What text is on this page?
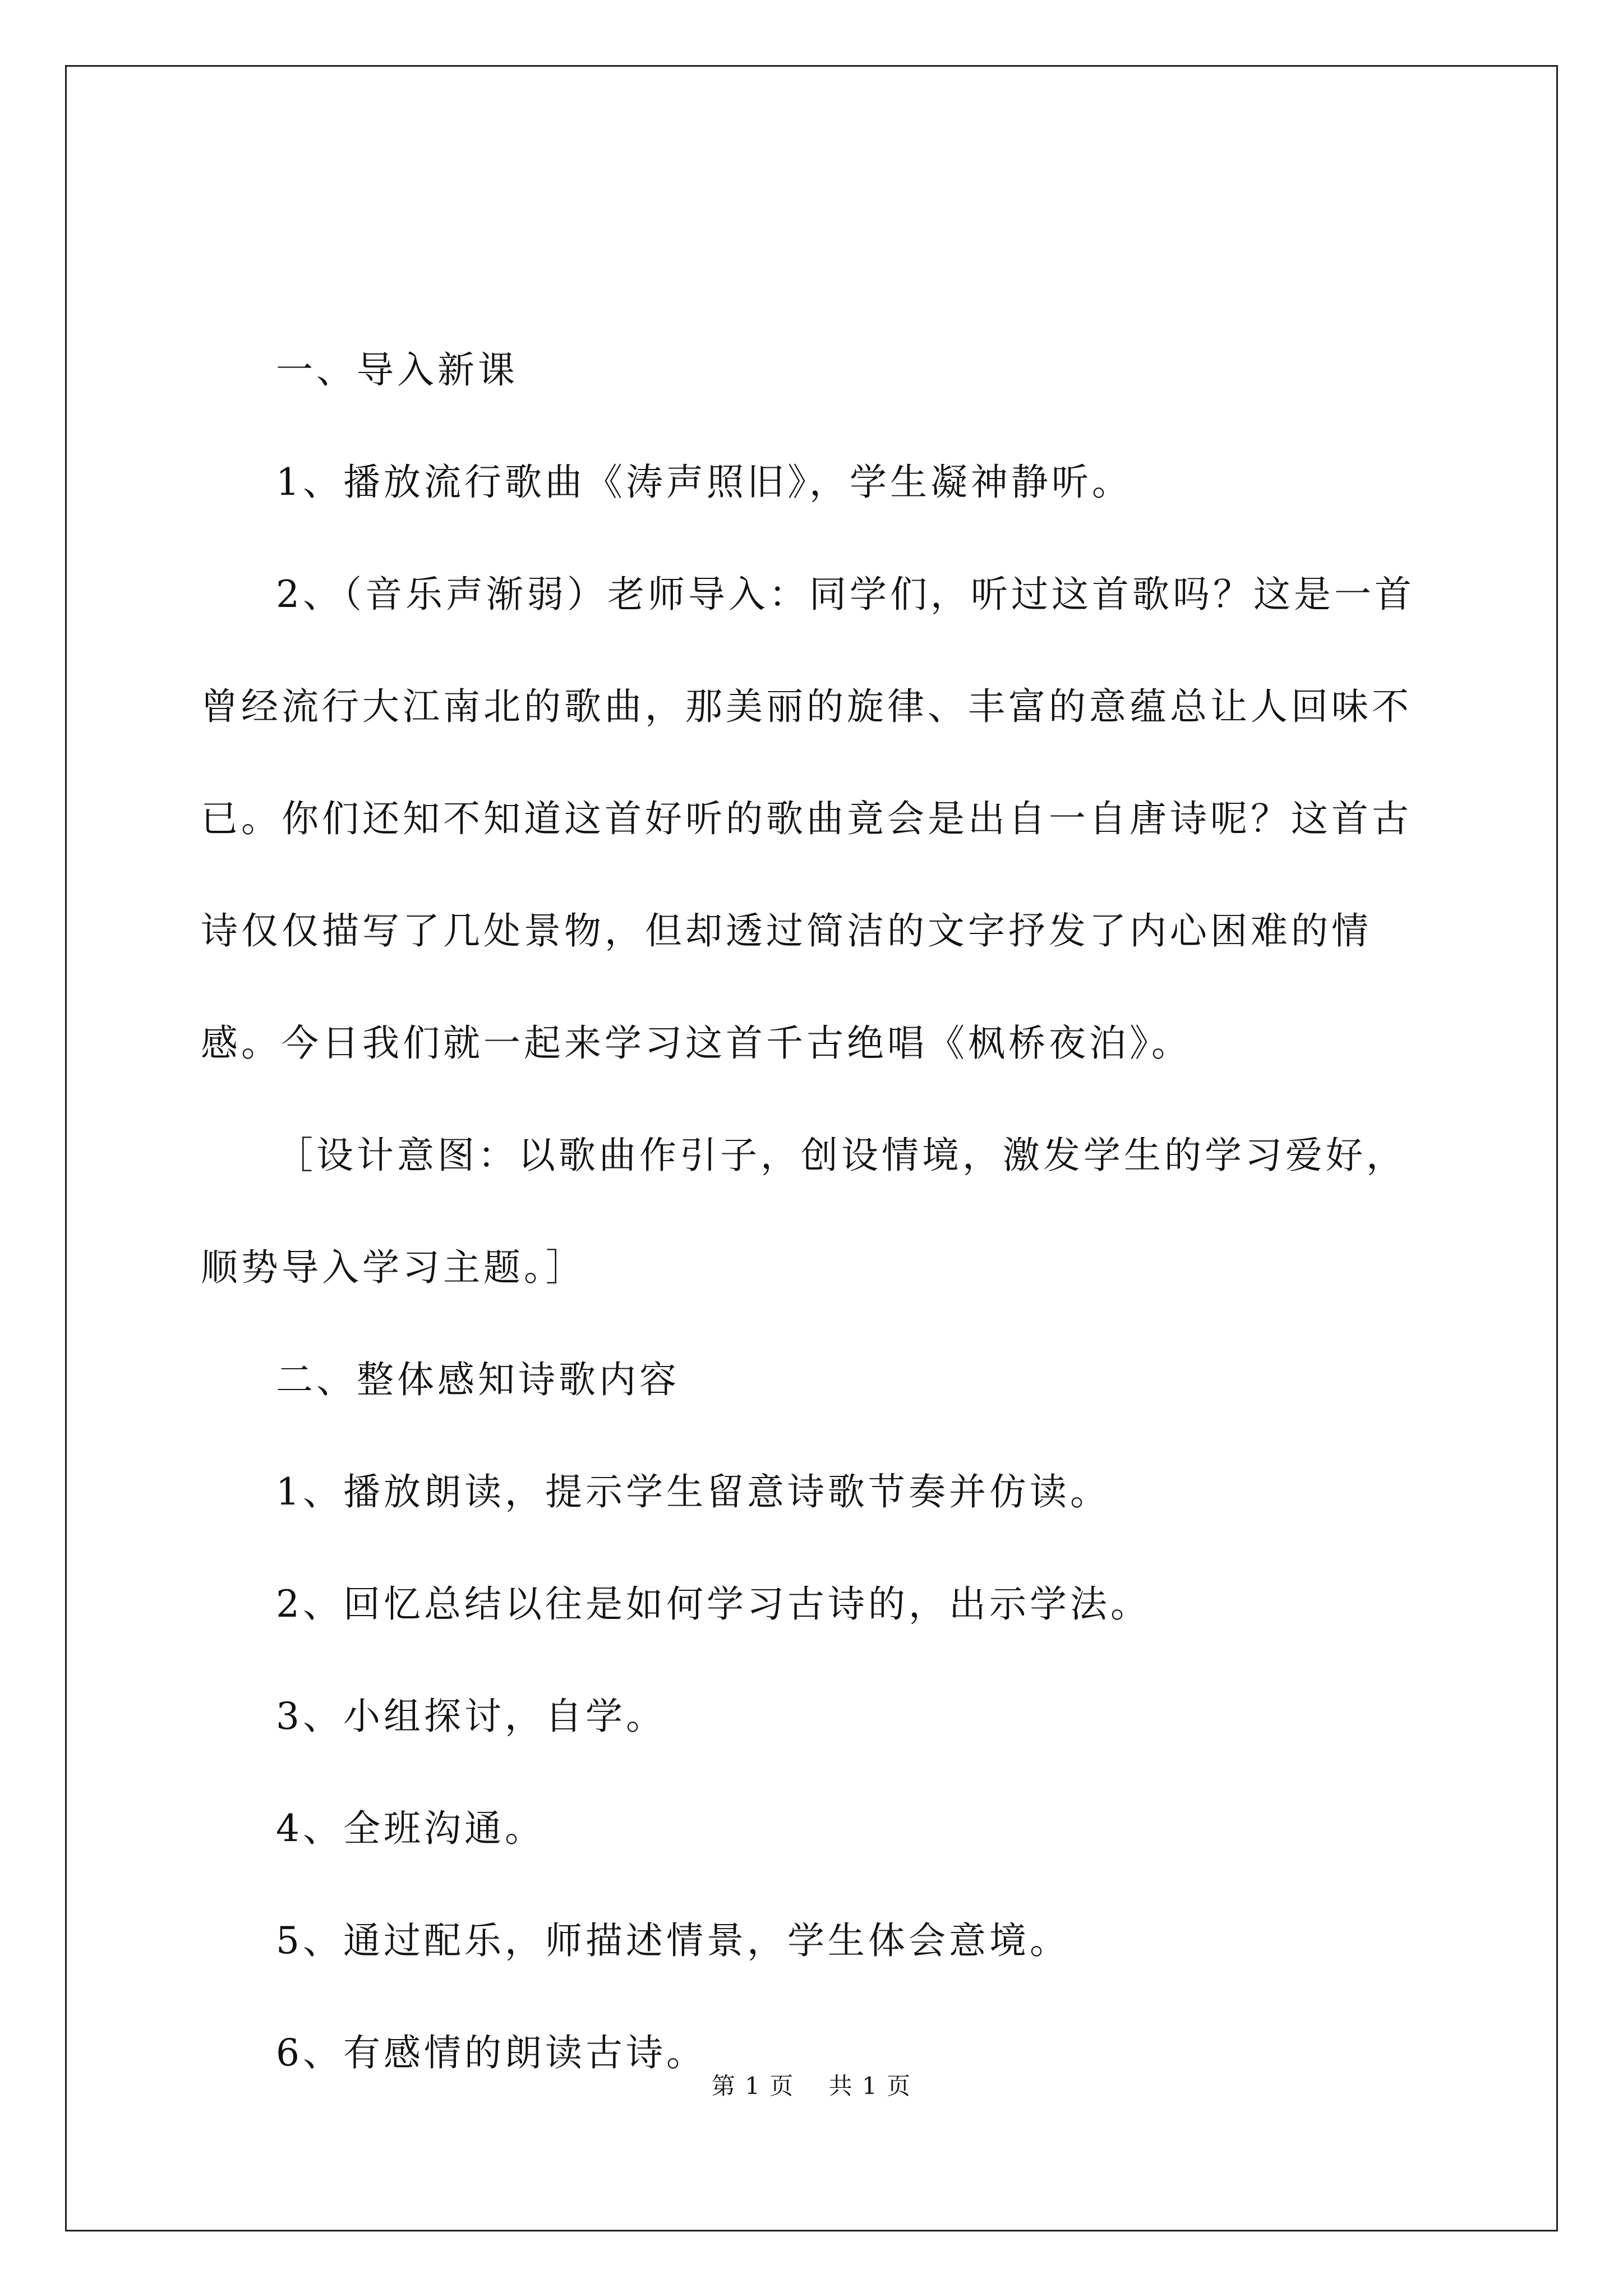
一、导入新课

1、播放流行歌曲《涛声照旧》，学生凝神静听。

2、（音乐声渐弱）老师导入：同学们，听过这首歌吗？这是一首曾经流行大江南北的歌曲，那美丽的旋律、丰富的意蕴总让人回味不已。你们还知不知道这首好听的歌曲竟会是出自一自唐诗呢？这首古诗仅仅描写了几处景物，但却透过简洁的文字抒发了内心困难的情感。今日我们就一起来学习这首千古绝唱《枫桥夜泊》。

［设计意图：以歌曲作引子，创设情境，激发学生的学习爱好，顺势导入学习主题。］

二、整体感知诗歌内容

1、播放朗读，提示学生留意诗歌节奏并仿读。

2、回忆总结以往是如何学习古诗的，出示学法。

3、小组探讨，自学。

4、全班沟通。

5、通过配乐，师描述情景，学生体会意境。

6、有感情的朗读古诗。

第 1 页 共 1 页
